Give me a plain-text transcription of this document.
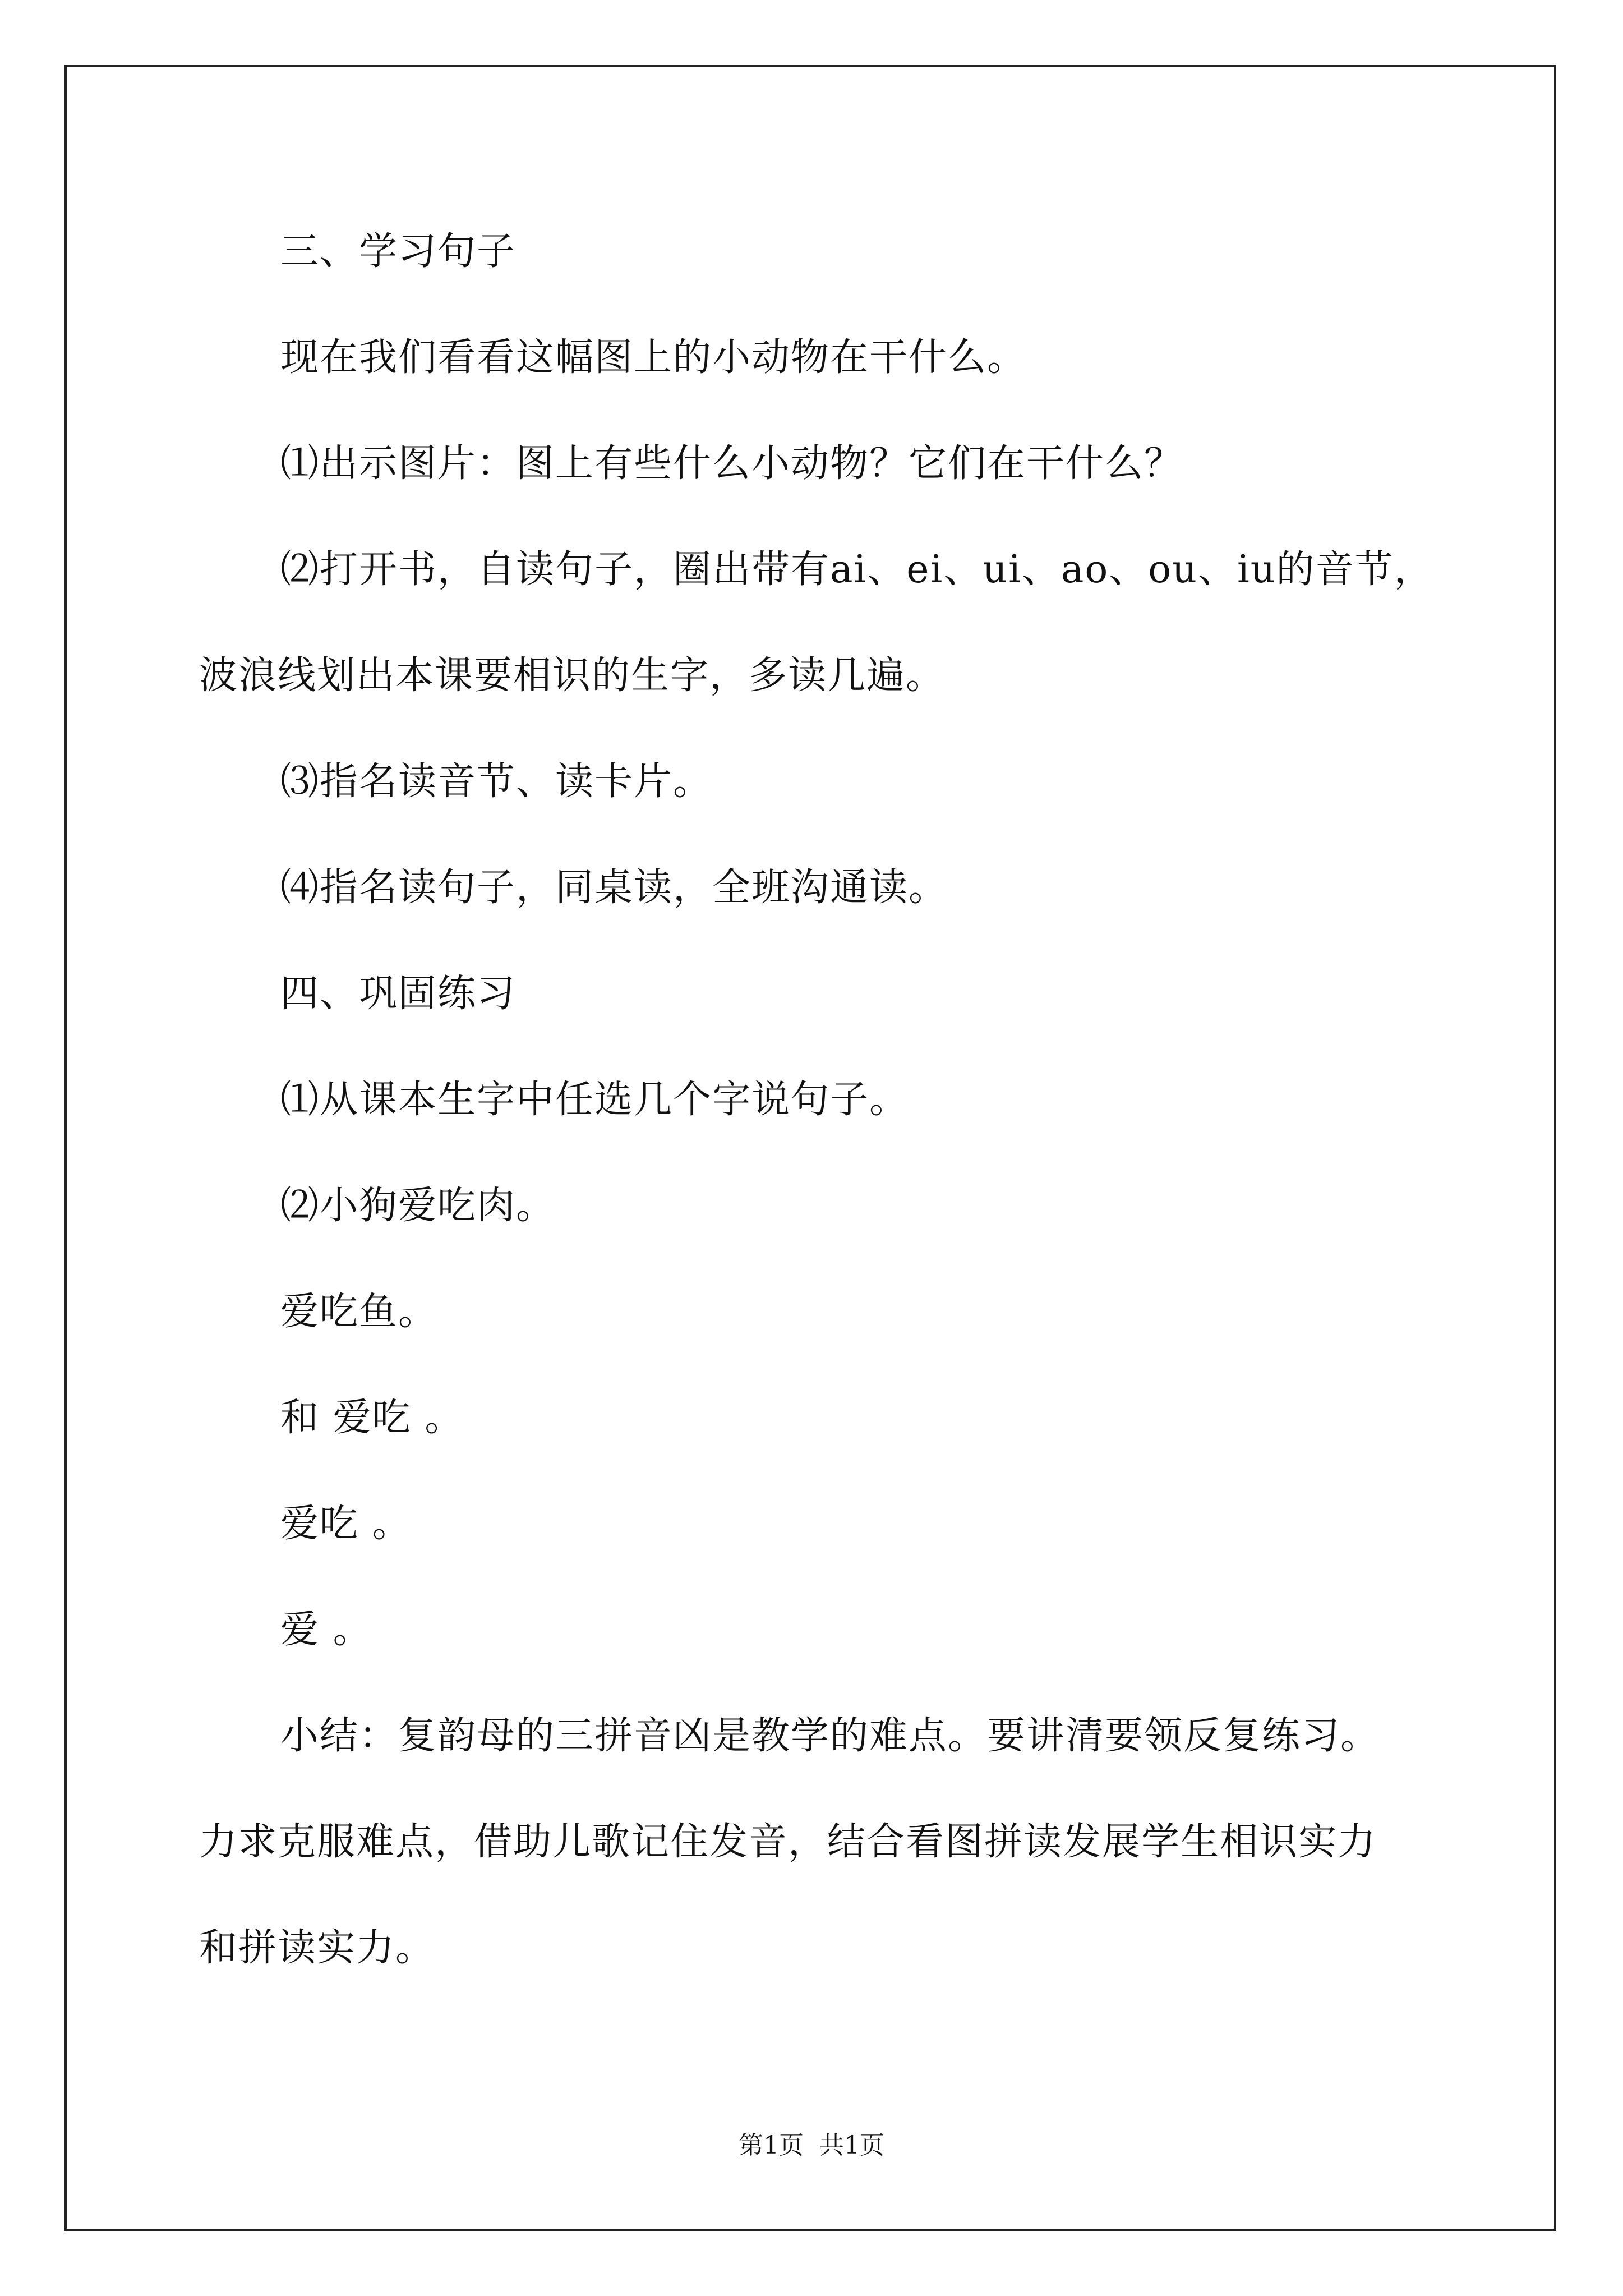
三、学习句子
现在我们看看这幅图上的小动物在干什么。
⑴出示图片：图上有些什么小动物？它们在干什么？
⑵打开书，自读句子，圈出带有ai、ei、ui、ao、ou、iu的音节，
波浪线划出本课要相识的生字，多读几遍。
⑶指名读音节、读卡片。
⑷指名读句子，同桌读，全班沟通读。
四、巩固练习
⑴从课本生字中任选几个字说句子。
⑵小狗爱吃肉。
爱吃鱼。
和 爱吃 。
爱吃 。
爱 。
小结：复韵母的三拼音凶是教学的难点。要讲清要领反复练习。
力求克服难点，借助儿歌记住发音，结合看图拼读发展学生相识实力
和拼读实力。
第1页 共1页
